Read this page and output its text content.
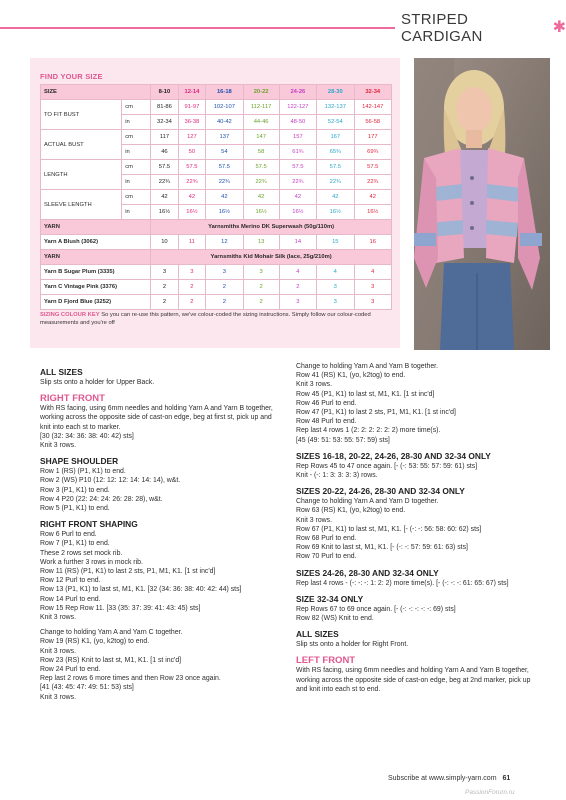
STRIPED CARDIGAN
✱
FIND YOUR SIZE
SIZE		8-10	12-14	16-18	20-22	24-26	28-30	32-34
TO FIT BUST	cm	81-86	91-97	102-107	112-117	122-127	132-137	142-147
	in	32-34	36-38	40-42	44-46	48-50	52-54	56-58
ACTUAL BUST	cm	117	127	137	147	157	167	177
	in	46	50	54	58	61¾	65¾	69¾
LENGTH	cm	57.5	57.5	57.5	57.5	57.5	57.5	57.5
	in	22¾	22¾	22¾	22¾	22¾	22¾	22¾
SLEEVE LENGTH	cm	42	42	42	42	42	42	42
	in	16½	16½	16½	16½	16½	16½	16½
YARN		Yarnsmiths Merino DK Superwash (50g/110m)						
Yarn A Blush (3062)		10	11	12	13	14	15	16
YARN		Yarnsmiths Kid Mohair Silk (lace, 25g/210m)						
Yarn B Sugar Plum (3335)		3	3	3	3	4	4	4
Yarn C Vintage Pink (3376)		2	2	2	2	2	3	3
Yarn D Fjord Blue (3252)		2	2	2	2	3	3	3
SIZING COLOUR KEY So you can re-use this pattern, we've colour-coded the sizing instructions. Simply follow our colour-coded measurements and you're off
ALL SIZES

Slip sts onto a holder for Upper Back.

RIGHT FRONT

With RS facing, using 6mm needles and holding Yarn A and Yarn B together, working across the opposite side of cast-on edge, beg at first st, pick up and knit into each st to marker.

[30 (32: 34: 36: 38: 40: 42) sts]

Knit 3 rows.

SHAPE SHOULDER

Row 1 (RS) (P1, K1) to end.

Row 2 (WS) P10 (12: 12: 12: 14: 14: 14), w&t.

Row 3 (P1, K1) to end.

Row 4 P20 (22: 24: 24: 26: 28: 28), w&t.

Row 5 (P1, K1) to end.

RIGHT FRONT SHAPING

Row 6 Purl to end.

Row 7 (P1, K1) to end.

These 2 rows set mock rib.

Work a further 3 rows in mock rib.

Row 11 (RS) (P1, K1) to last 2 sts, P1, M1, K1. [1 st inc'd]

Row 12 Purl to end.

Row 13 (P1, K1) to last st, M1, K1. [32 (34: 36: 38: 40: 42: 44) sts]

Row 14 Purl to end.

Row 15 Rep Row 11. [33 (35: 37: 39: 41: 43: 45) sts]

Knit 3 rows.

Change to holding Yarn A and Yarn C together.

Row 19 (RS) K1, (yo, k2tog) to end.

Knit 3 rows.

Row 23 (RS) Knit to last st, M1, K1. [1 st inc'd]

Row 24 Purl to end.

Rep last 2 rows 6 more times and then Row 23 once again.

[41 (43: 45: 47: 49: 51: 53) sts]

Knit 3 rows.

Change to holding Yarn A and Yarn B together.

Row 41 (RS) K1, (yo, k2tog) to end.

Knit 3 rows.

Row 45 (P1, K1) to last st, M1, K1. [1 st inc'd]

Row 46 Purl to end.

Row 47 (P1, K1) to last 2 sts, P1, M1, K1. [1 st inc'd]

Row 48 Purl to end.

Rep last 4 rows 1 (2: 2: 2: 2: 2: 2) more time(s).

[45 (49: 51: 53: 55: 57: 59) sts]

SIZES 16-18, 20-22, 24-26, 28-30 AND 32-34 ONLY

Rep Rows 45 to 47 once again. [- (-: 53: 55: 57: 59: 61) sts]

Knit - (-: 1: 3: 3: 3: 3) rows.

SIZES 20-22, 24-26, 28-30 AND 32-34 ONLY

Change to holding Yarn A and Yarn D together.

Row 63 (RS) K1, (yo, k2tog) to end.

Knit 3 rows.

Row 67 (P1, K1) to last st, M1, K1. [- (-: -: 56: 58: 60: 62) sts]

Row 68 Purl to end.

Row 69 Knit to last st, M1, K1. [- (-: -: 57: 59: 61: 63) sts]

Row 70 Purl to end.

SIZES 24-26, 28-30 AND 32-34 ONLY

Rep last 4 rows - (-: -: -: 1: 2: 2) more time(s). [- (-: -: -: 61: 65: 67) sts]

SIZE 32-34 ONLY

Rep Rows 67 to 69 once again. [- (-: -: -: -: -: 69) sts]

Row 82 (WS) Knit to end.

ALL SIZES

Slip sts onto a holder for Right Front.

LEFT FRONT

With RS facing, using 6mm needles and holding Yarn A and Yarn B together, working across the opposite side of cast-on edge, beg at 2nd marker, pick up and knit into each st to end.

Subscribe at www.simply-yarn.com 61
PassionForum.ru
